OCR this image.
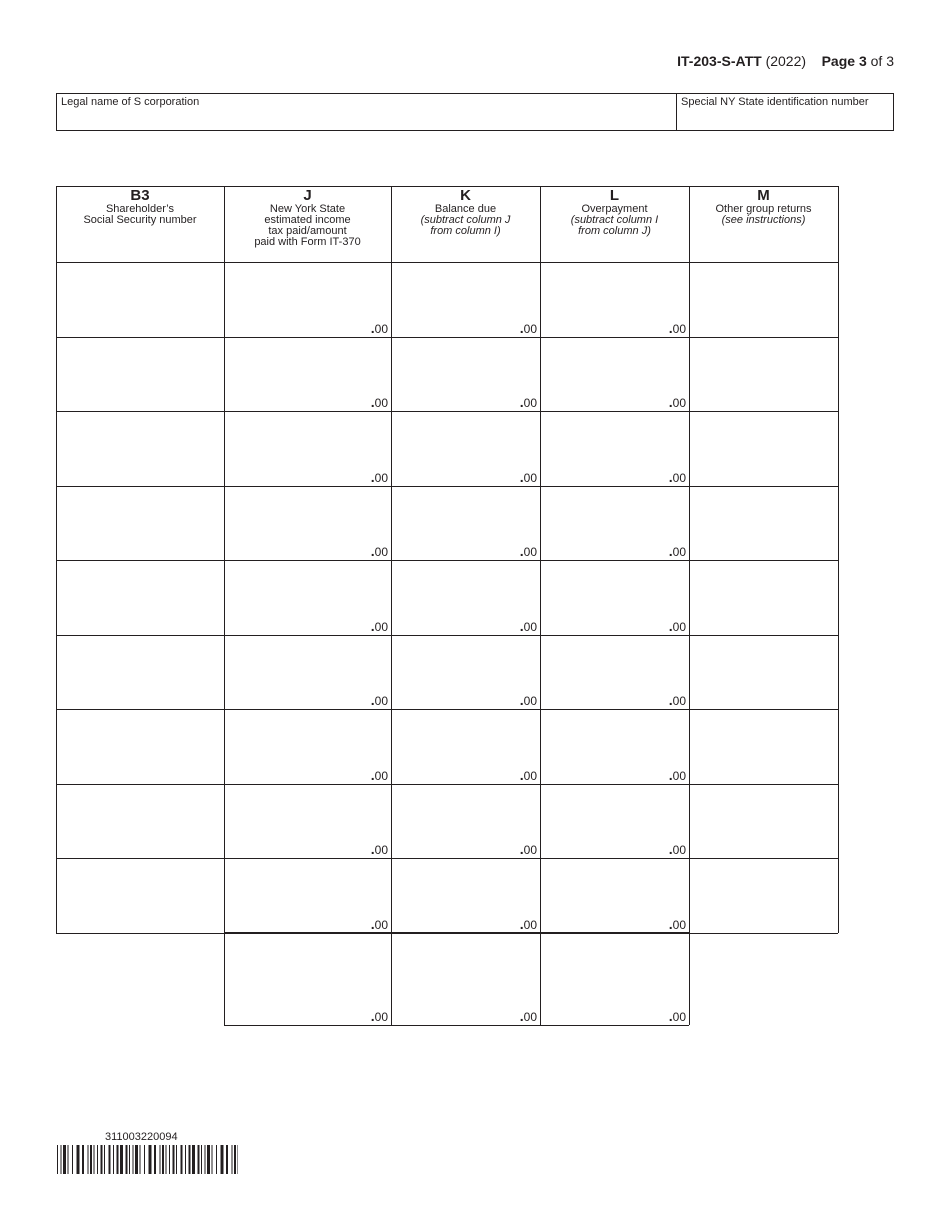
IT-203-S-ATT (2022) Page 3 of 3
Legal name of S corporation	Special NY State identification number
B3
Shareholder’s
Social Security number
J
New York State
estimated income
tax paid/amount
paid with Form IT-370
K
Balance due
(subtract column J
from column I)
L
Overpayment
(subtract column I
from column J)
M
Other group returns
(see instructions)
.00	.00	.00
.00	.00	.00
.00	.00	.00
.00	.00	.00
.00	.00	.00
.00	.00	.00
.00	.00	.00
.00	.00	.00
.00	.00	.00
.00	.00	.00
311003220094
